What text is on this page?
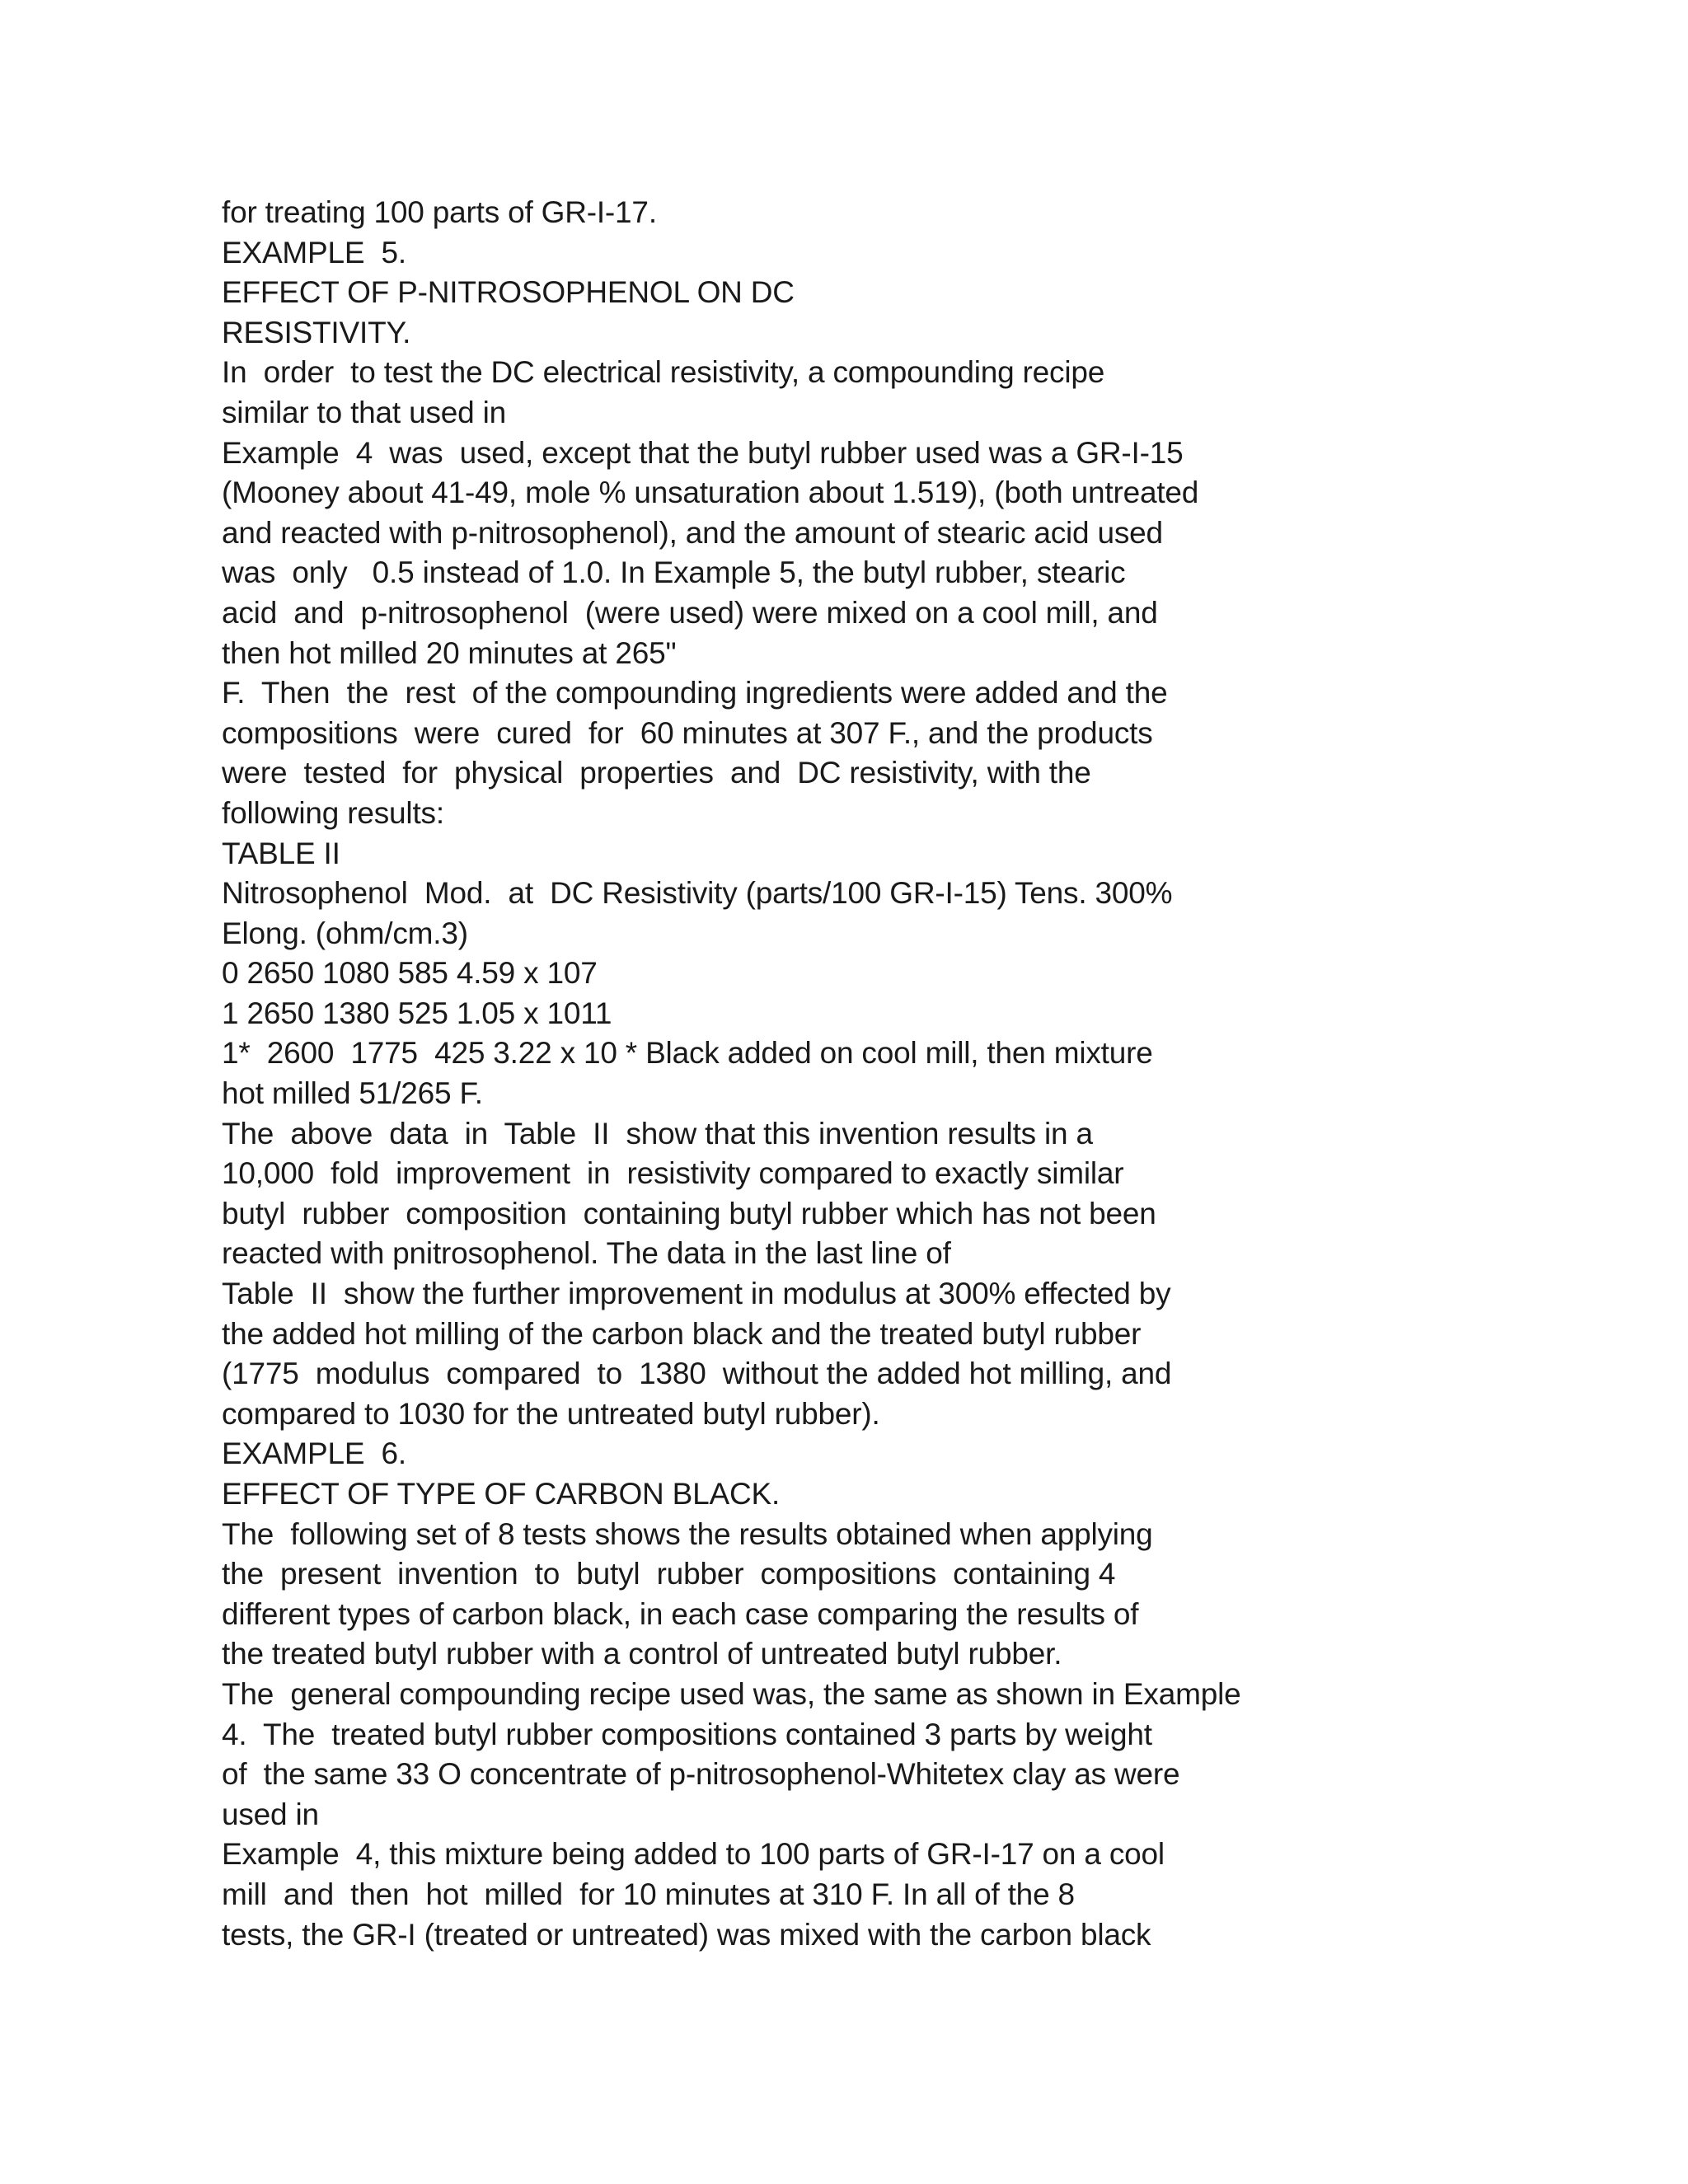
for treating 100 parts of GR-I-17.
EXAMPLE  5.
EFFECT OF P-NITROSOPHENOL ON DC
RESISTIVITY.
In  order  to test the DC electrical resistivity, a compounding recipe
similar to that used in
Example  4  was  used, except that the butyl rubber used was a GR-I-15
(Mooney about 41-49, mole % unsaturation about 1.519), (both untreated
and reacted with p-nitrosophenol), and the amount of stearic acid used
was  only   0.5 instead of 1.0. In Example 5, the butyl rubber, stearic
acid  and  p-nitrosophenol  (were used) were mixed on a cool mill, and
then hot milled 20 minutes at 265"
F.  Then  the  rest  of the compounding ingredients were added and the
compositions  were  cured  for  60 minutes at 307 F., and the products
were  tested  for  physical  properties  and  DC resistivity, with the
following results:
TABLE II
Nitrosophenol  Mod.  at  DC Resistivity (parts/100 GR-I-15) Tens. 300%
Elong. (ohm/cm.3)
0 2650 1080 585 4.59 x 107
1 2650 1380 525 1.05 x 1011
1*  2600  1775  425 3.22 x 10 * Black added on cool mill, then mixture
hot milled 51/265 F.
The  above  data  in  Table  II  show that this invention results in a
10,000  fold  improvement  in  resistivity compared to exactly similar
butyl  rubber  composition  containing butyl rubber which has not been
reacted with pnitrosophenol. The data in the last line of
Table  II  show the further improvement in modulus at 300% effected by
the added hot milling of the carbon black and the treated butyl rubber
(1775  modulus  compared  to  1380  without the added hot milling, and
compared to 1030 for the untreated butyl rubber).
EXAMPLE  6.
EFFECT OF TYPE OF CARBON BLACK.
The  following set of 8 tests shows the results obtained when applying
the  present  invention  to  butyl  rubber  compositions  containing 4
different types of carbon black, in each case comparing the results of
the treated butyl rubber with a control of untreated butyl rubber.
The  general compounding recipe used was, the same as shown in Example
4.  The  treated butyl rubber compositions contained 3 parts by weight
of  the same 33 O concentrate of p-nitrosophenol-Whitetex clay as were
used in
Example  4, this mixture being added to 100 parts of GR-I-17 on a cool
mill  and  then  hot  milled  for 10 minutes at 310 F. In all of the 8
tests, the GR-I (treated or untreated) was mixed with the carbon black
